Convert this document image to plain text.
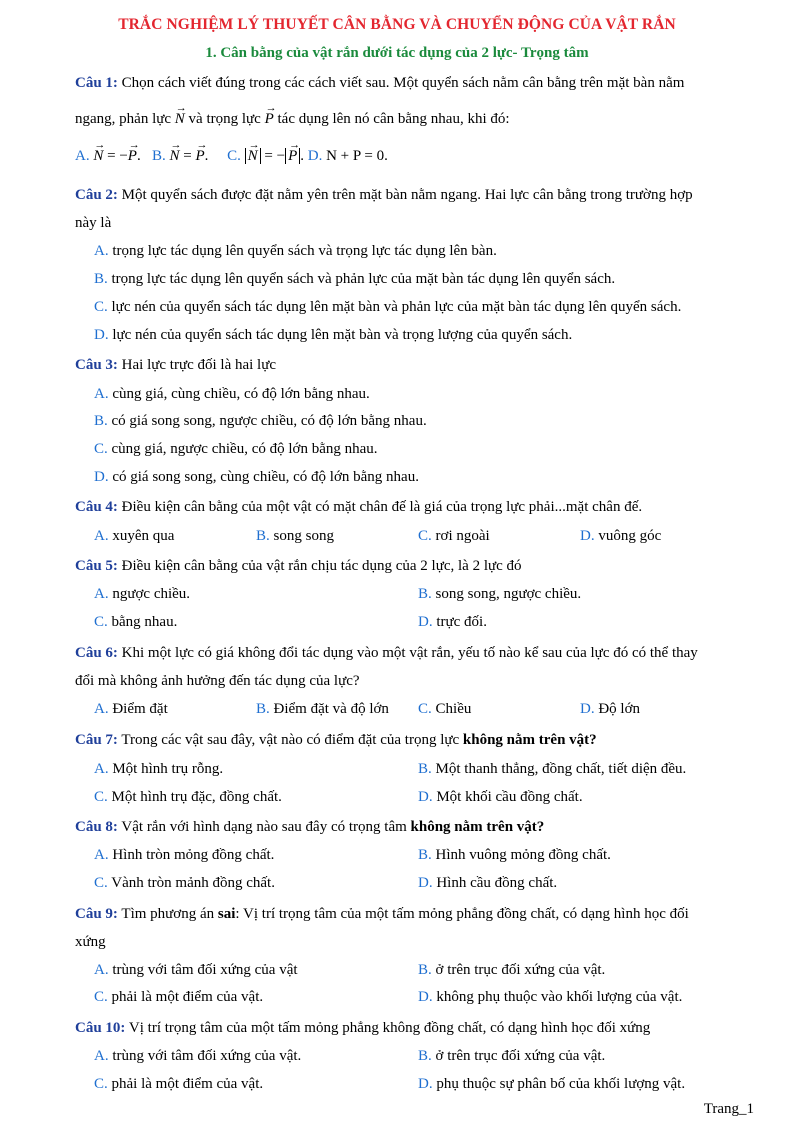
TRẮC NGHIỆM LÝ THUYẾT CÂN BẰNG VÀ CHUYỂN ĐỘNG CỦA VẬT RẮN
1. Cân bằng của vật rắn dưới tác dụng của 2 lực- Trọng tâm
Câu 1: Chọn cách viết đúng trong các cách viết sau. Một quyển sách nằm cân bằng trên mặt bàn nằm
ngang, phản lực → N và trọng lực → P tác dụng lên nó cân bằng nhau, khi đó:
A. → N = −→ P. B. → N = → P. C. → N = − → P . D. N + P = 0.
Câu 2: Một quyển sách được đặt nằm yên trên mặt bàn nằm ngang. Hai lực cân bằng trong trường hợp
này là
A. trọng lực tác dụng lên quyển sách và trọng lực tác dụng lên bàn.
B. trọng lực tác dụng lên quyển sách và phản lực của mặt bàn tác dụng lên quyển sách.
C. lực nén của quyển sách tác dụng lên mặt bàn và phản lực của mặt bàn tác dụng lên quyển sách.
D. lực nén của quyển sách tác dụng lên mặt bàn và trọng lượng của quyển sách.
Câu 3: Hai lực trực đối là hai lực
A. cùng giá, cùng chiều, có độ lớn bằng nhau.
B. có giá song song, ngược chiều, có độ lớn bằng nhau.
C. cùng giá, ngược chiều, có độ lớn bằng nhau.
D. có giá song song, cùng chiều, có độ lớn bằng nhau.
Câu 4: Điều kiện cân bằng của một vật có mặt chân đế là giá của trọng lực phải...mặt chân đế.
A. xuyên qua	B. song song	C. rơi ngoài	D. vuông góc
Câu 5: Điều kiện cân bằng của vật rắn chịu tác dụng của 2 lực, là 2 lực đó
A. ngược chiều.	B. song song, ngược chiều.
C. bằng nhau.	D. trực đối.
Câu 6: Khi một lực có giá không đổi tác dụng vào một vật rắn, yếu tố nào kể sau của lực đó có thể thay
đổi mà không ảnh hưởng đến tác dụng của lực?
A. Điểm đặt	B. Điểm đặt và độ lớn C. Chiều	D. Độ lớn
Câu 7: Trong các vật sau đây, vật nào có điểm đặt của trọng lực không nằm trên vật?
A. Một hình trụ rỗng.	B. Một thanh thẳng, đồng chất, tiết diện đều.
C. Một hình trụ đặc, đồng chất.	D. Một khối cầu đồng chất.
Câu 8: Vật rắn với hình dạng nào sau đây có trọng tâm không nằm trên vật?
A. Hình tròn mỏng đồng chất.	B. Hình vuông mỏng đồng chất.
C. Vành tròn mảnh đồng chất.	D. Hình cầu đồng chất.
Câu 9: Tìm phương án sai: Vị trí trọng tâm của một tấm mỏng phẳng đồng chất, có dạng hình học đối
xứng
A. trùng với tâm đối xứng của vật	B. ở trên trục đối xứng của vật.
C. phải là một điểm của vật.	D. không phụ thuộc vào khối lượng của vật.
Câu 10: Vị trí trọng tâm của một tấm mỏng phẳng không đồng chất, có dạng hình học đối xứng
A. trùng với tâm đối xứng của vật.	B. ở trên trục đối xứng của vật.
C. phải là một điểm của vật.	D. phụ thuộc sự phân bố của khối lượng vật.
Trang_1
